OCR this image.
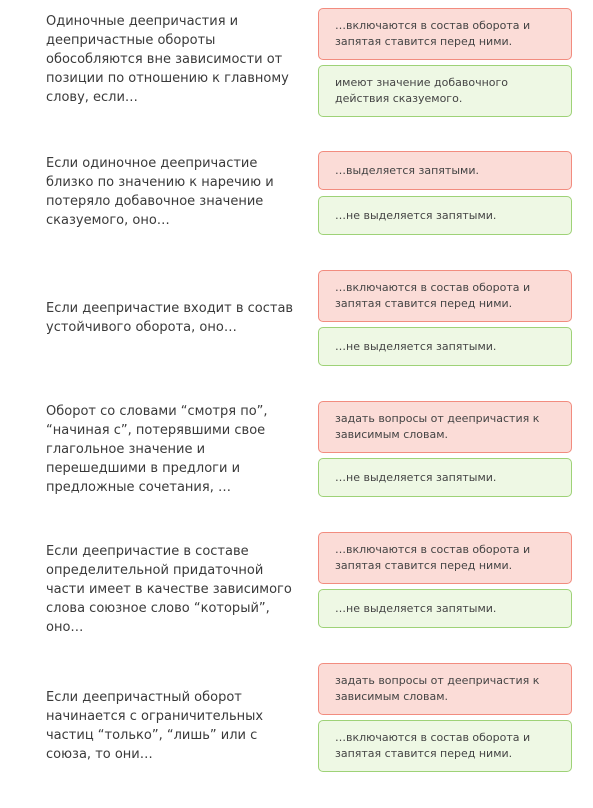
Одиночные деепричастия и деепричастные обороты обособляются вне зависимости от позиции по отношению к главному слову, если…
…включаются в состав оборота и запятая ставится перед ними.
имеют значение добавочного действия сказуемого.
Если одиночное деепричастие близко по значению к наречию и потеряло добавочное значение сказуемого, оно…
…выделяется запятыми.
…не выделяется запятыми.
Если деепричастие входит в состав устойчивого оборота, оно…
…включаются в состав оборота и запятая ставится перед ними.
…не выделяется запятыми.
Оборот со словами “смотря по”, “начиная с”, потерявшими свое глагольное значение и перешедшими в предлоги и предложные сочетания, …
задать вопросы от деепричастия к зависимым словам.
…не выделяется запятыми.
Если деепричастие в составе определительной придаточной части имеет в качестве зависимого слова союзное слово “который”, оно…
…включаются в состав оборота и запятая ставится перед ними.
…не выделяется запятыми.
Если деепричастный оборот начинается с ограничительных частиц “только”, “лишь” или с союза, то они…
задать вопросы от деепричастия к зависимым словам.
…включаются в состав оборота и запятая ставится перед ними.
